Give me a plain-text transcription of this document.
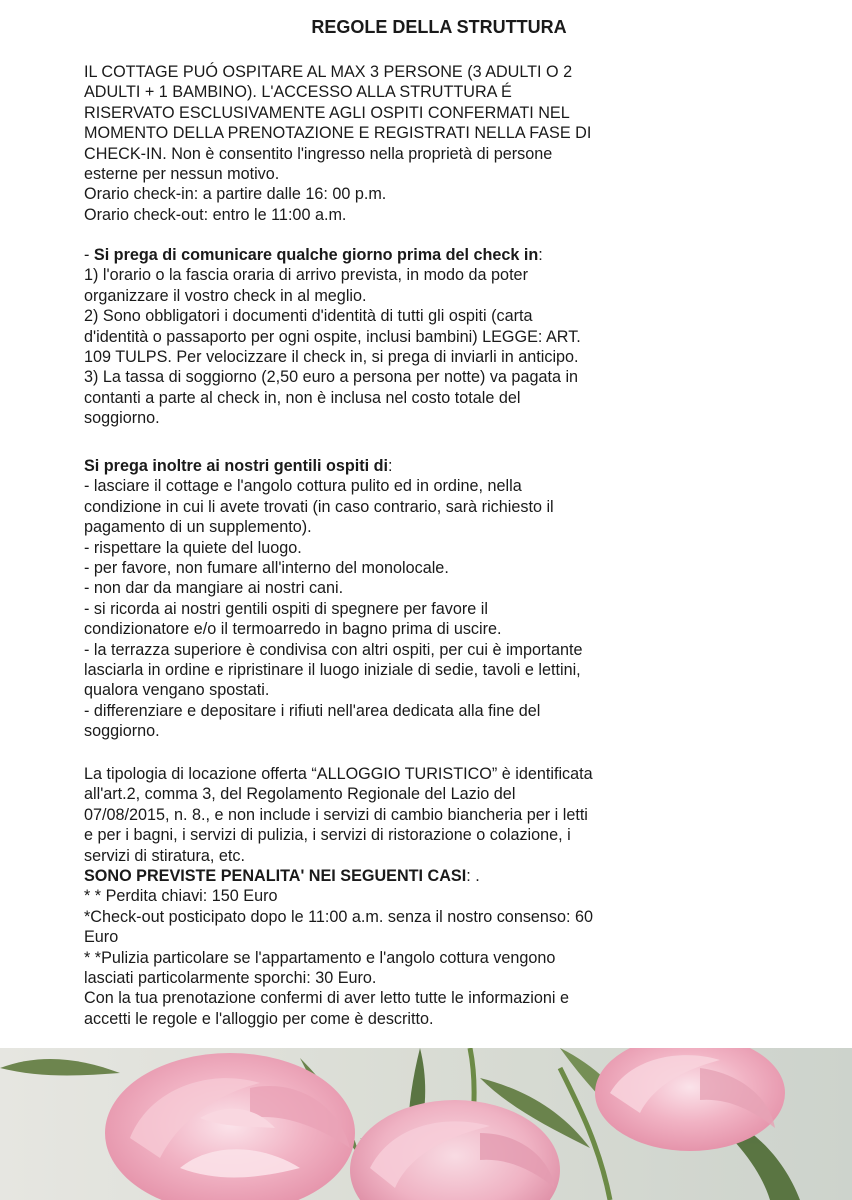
REGOLE DELLA STRUTTURA
IL COTTAGE PUÓ OSPITARE AL MAX 3 PERSONE (3 ADULTI O 2
ADULTI + 1 BAMBINO). L'ACCESSO ALLA STRUTTURA É
RISERVATO ESCLUSIVAMENTE AGLI OSPITI CONFERMATI NEL
MOMENTO DELLA PRENOTAZIONE E REGISTRATI NELLA FASE DI
CHECK-IN. Non è consentito l'ingresso nella proprietà di persone
esterne per nessun motivo.
Orario check-in: a partire dalle 16: 00 p.m.
Orario check-out: entro le 11:00 a.m.
- Si prega di comunicare qualche giorno prima del check in:
1) l'orario o la fascia oraria di arrivo prevista, in modo da poter
organizzare il vostro check in al meglio.
2) Sono obbligatori i documenti d'identità di tutti gli ospiti (carta
d'identità o passaporto per ogni ospite, inclusi bambini) LEGGE: ART.
109 TULPS. Per velocizzare il check in, si prega di inviarli in anticipo.
3) La tassa di soggiorno (2,50 euro a persona per notte) va pagata in
contanti a parte al check in, non è inclusa nel costo totale del
soggiorno.
Si prega inoltre ai nostri gentili ospiti di:
- lasciare il cottage e l'angolo cottura pulito ed in ordine, nella
condizione in cui li avete trovati (in caso contrario, sarà richiesto il
pagamento di un supplemento).
- rispettare la quiete del luogo.
- per favore, non fumare all'interno del monolocale.
- non dar da mangiare ai nostri cani.
- si ricorda ai nostri gentili ospiti di spegnere per favore il
condizionatore e/o il termoarredo in bagno prima di uscire.
- la terrazza superiore è condivisa con altri ospiti, per cui è importante
lasciarla in ordine e ripristinare il luogo iniziale di sedie, tavoli e lettini,
qualora vengano spostati.
- differenziare e depositare i rifiuti nell'area dedicata alla fine del
soggiorno.
La tipologia di locazione offerta “ALLOGGIO TURISTICO” è identificata
all'art.2, comma 3, del Regolamento Regionale del Lazio del
07/08/2015, n. 8., e non include i servizi di cambio biancheria per i letti
e per i bagni, i servizi di pulizia, i servizi di ristorazione o colazione, i
servizi di stiratura, etc.
SONO PREVISTE PENALITA' NEI SEGUENTI CASI: .
* * Perdita chiavi: 150 Euro
*Check-out posticipato dopo le 11:00 a.m. senza il nostro consenso: 60
Euro
* *Pulizia particolare se l'appartamento e l'angolo cottura vengono
lasciati particolarmente sporchi: 30 Euro.
Con la tua prenotazione confermi di aver letto tutte le informazioni e
accetti le regole e l'alloggio per come è descritto.
